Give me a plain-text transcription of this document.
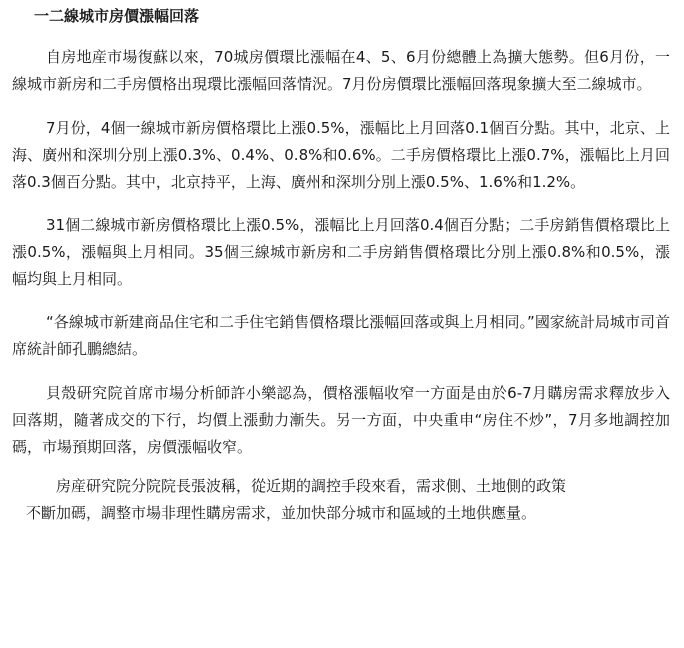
一二線城市房價漲幅回落

自房地産市場復蘇以來，70城房價環比漲幅在4、5、6月份總體上為擴大態勢。但6月份，一線城市新房和二手房價格出現環比漲幅回落情況。7月份房價環比漲幅回落現象擴大至二線城市。

7月份，4個一線城市新房價格環比上漲0.5%，漲幅比上月回落0.1個百分點。其中，北京、上海、廣州和深圳分別上漲0.3%、0.4%、0.8%和0.6%。二手房價格環比上漲0.7%，漲幅比上月回落0.3個百分點。其中，北京持平，上海、廣州和深圳分別上漲0.5%、1.6%和1.2%。

31個二線城市新房價格環比上漲0.5%，漲幅比上月回落0.4個百分點；二手房銷售價格環比上漲0.5%，漲幅與上月相同。35個三線城市新房和二手房銷售價格環比分別上漲0.8%和0.5%，漲幅均與上月相同。

“各線城市新建商品住宅和二手住宅銷售價格環比漲幅回落或與上月相同。”國家統計局城市司首席統計師孔鵬總結。

貝殼研究院首席市場分析師許小樂認為，價格漲幅收窄一方面是由於6-7月購房需求釋放步入回落期，隨著成交的下行，均價上漲動力漸失。另一方面，中央重申“房住不炒”，7月多地調控加碼，市場預期回落，房價漲幅收窄。

房産研究院分院院長張波稱，從近期的調控手段來看，需求側、土地側的政策

不斷加碼，調整市場非理性購房需求，並加快部分城市和區域的土地供應量。
